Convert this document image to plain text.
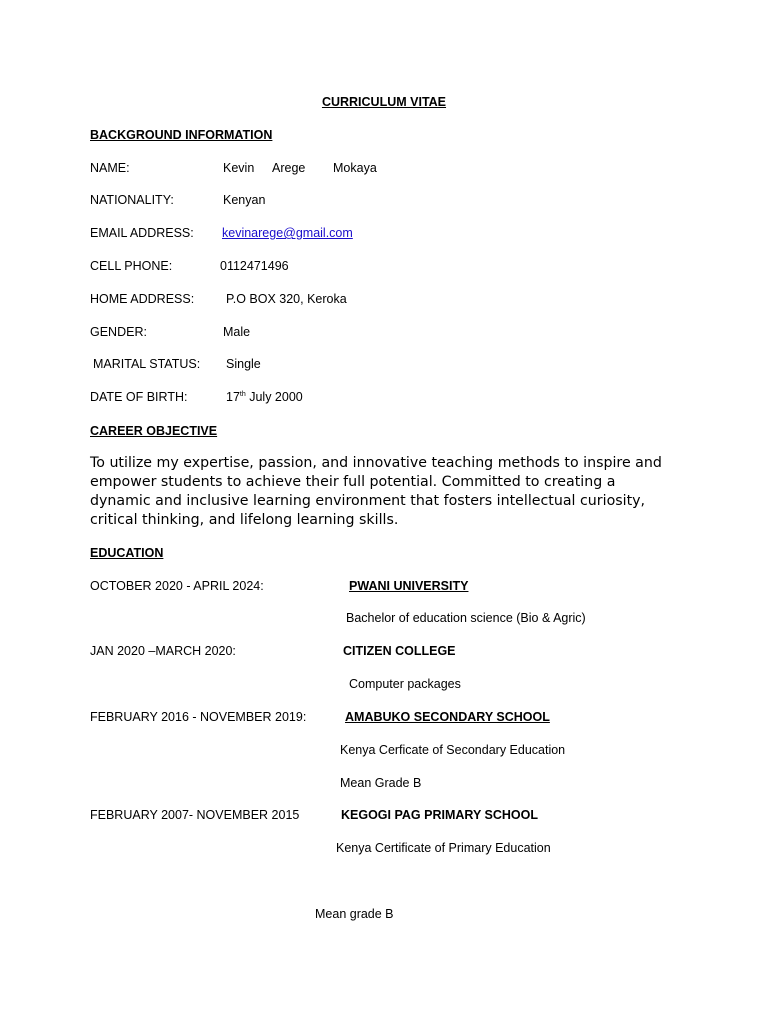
CURRICULUM VITAE
BACKGROUND INFORMATION
NAME:	Kevin Arege Mokaya
NATIONALITY:	Kenyan
EMAIL ADDRESS: kevinarege@gmail.com
CELL PHONE:	0112471496
HOME ADDRESS:	P.O BOX 320, Keroka
GENDER:	Male
MARITAL STATUS: Single
DATE OF BIRTH:	17th July 2000
CAREER OBJECTIVE
To utilize my expertise, passion, and innovative teaching methods to inspire and empower students to achieve their full potential. Committed to creating a dynamic and inclusive learning environment that fosters intellectual curiosity, critical thinking, and lifelong learning skills.
EDUCATION
OCTOBER 2020 - APRIL 2024:	PWANI UNIVERSITY
Bachelor of education science (Bio & Agric)
JAN 2020 –MARCH 2020:	CITIZEN COLLEGE
Computer packages
FEBRUARY 2016 - NOVEMBER 2019:	AMABUKO SECONDARY SCHOOL
Kenya Cerficate of Secondary Education
Mean Grade B
FEBRUARY 2007- NOVEMBER 2015	KEGOGI PAG PRIMARY SCHOOL
Kenya Certificate of Primary Education
Mean grade B
